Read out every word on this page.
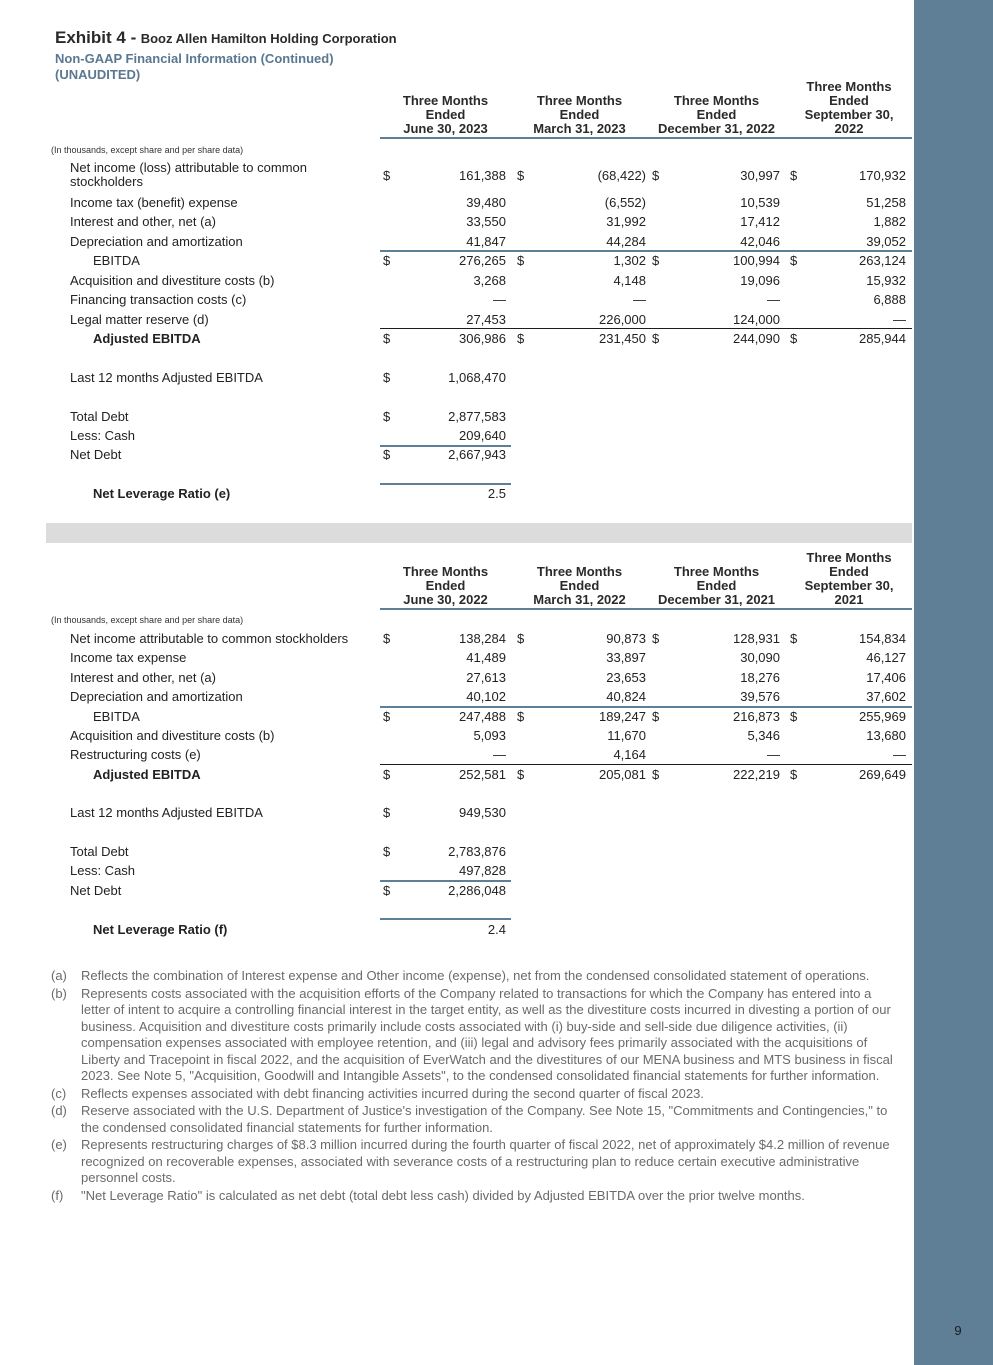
9

Exhibit 4 - Booz Allen Hamilton Holding Corporation

Non-GAAP Financial Information (Continued)

(UNAUDITED)

Three Months
Ended
June 30, 2023
Three Months
Ended
March 31, 2023
Three Months
Ended
December 31, 2022
Three Months
Ended
September 30,
2022
(In thousands, except share and per share data)
Net income (loss) attributable to common stockholders	$	161,388 $	(68,422) $	30,997 $	170,932
Income tax (benefit) expense	39,480	(6,552)	10,539	51,258
Interest and other, net (a)	33,550	31,992	17,412	1,882
Depreciation and amortization	41,847	44,284	42,046	39,052
EBITDA	$	276,265 $	1,302 $	100,994 $	263,124
Acquisition and divestiture costs (b)	3,268	4,148	19,096	15,932
Financing transaction costs (c)	—	—	—	6,888
Legal matter reserve (d)	27,453	226,000	124,000	—
Adjusted EBITDA	$	306,986 $	231,450 $	244,090 $	285,944
Last 12 months Adjusted EBITDA	$	1,068,470
Total Debt	$	2,877,583
Less: Cash	209,640
Net Debt	$	2,667,943
Net Leverage Ratio (e)	2.5
Three Months
Ended
June 30, 2022
Three Months
Ended
March 31, 2022
Three Months
Ended
December 31, 2021
Three Months
Ended
September 30,
2021
(In thousands, except share and per share data)
Net income attributable to common stockholders	$	138,284 $	90,873 $	128,931 $	154,834
Income tax expense	41,489	33,897	30,090	46,127
Interest and other, net (a)	27,613	23,653	18,276	17,406
Depreciation and amortization	40,102	40,824	39,576	37,602
EBITDA	$	247,488 $	189,247 $	216,873 $	255,969
Acquisition and divestiture costs (b)	5,093	11,670	5,346	13,680
Restructuring costs (e)	—	4,164	—	—
Adjusted EBITDA	$	252,581 $	205,081 $	222,219 $	269,649
Last 12 months Adjusted EBITDA	$	949,530
Total Debt	$	2,783,876
Less: Cash	497,828
Net Debt	$	2,286,048
Net Leverage Ratio (f)	2.4
(a) Reflects the combination of Interest expense and Other income (expense), net from the condensed consolidated statement of operations.
(b) Represents costs associated with the acquisition efforts of the Company related to transactions for which the Company has entered into a letter of intent to acquire a controlling financial interest in the target entity, as well as the divestiture costs incurred in divesting a portion of our business. Acquisition and divestiture costs primarily include costs associated with (i) buy-side and sell-side due diligence activities, (ii) compensation expenses associated with employee retention, and (iii) legal and advisory fees primarily associated with the acquisitions of Liberty and Tracepoint in fiscal 2022, and the acquisition of EverWatch and the divestitures of our MENA business and MTS business in fiscal 2023. See Note 5, "Acquisition, Goodwill and Intangible Assets", to the condensed consolidated financial statements for further information.
(c) Reflects expenses associated with debt financing activities incurred during the second quarter of fiscal 2023.
(d) Reserve associated with the U.S. Department of Justice's investigation of the Company. See Note 15, "Commitments and Contingencies," to the condensed consolidated financial statements for further information.
(e) Represents restructuring charges of $8.3 million incurred during the fourth quarter of fiscal 2022, net of approximately $4.2 million of revenue recognized on recoverable expenses, associated with severance costs of a restructuring plan to reduce certain executive administrative personnel costs.
(f) "Net Leverage Ratio" is calculated as net debt (total debt less cash) divided by Adjusted EBITDA over the prior twelve months.
